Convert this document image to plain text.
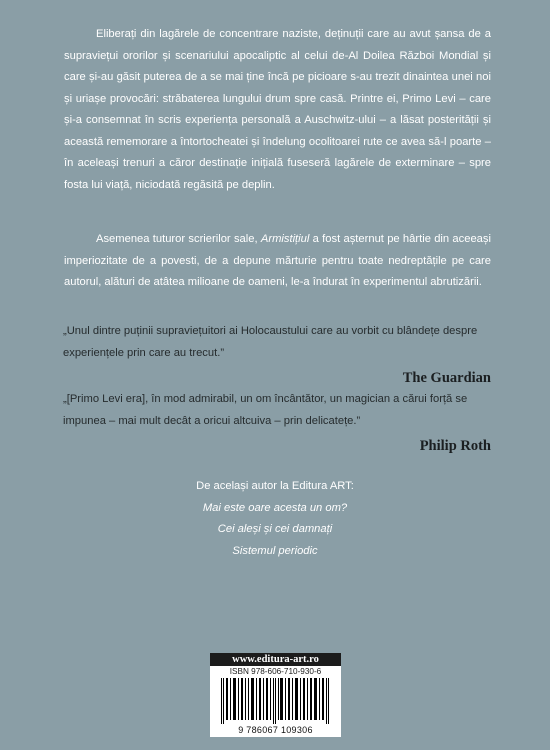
Eliberați din lagărele de concentrare naziste, deținuții care au avut șansa de a supraviețui ororilor și scenariului apocaliptic al celui de-Al Doilea Război Mondial și care și-au găsit puterea de a se mai ține încă pe picioare s-au trezit dinaintea unei noi și uriașe provocări: străbaterea lungului drum spre casă. Printre ei, Primo Levi – care și-a consemnat în scris experiența personală a Auschwitz-ului – a lăsat posterității și această rememorare a întortocheatei și îndelung ocolitoarei rute ce avea să-l poarte – în aceleași trenuri a căror destinație inițială fuseseră lagărele de exterminare – spre fosta lui viață, niciodată regăsită pe deplin.

Asemenea tuturor scrierilor sale, Armistițiul a fost așternut pe hârtie din aceeași imperiozitate de a povesti, de a depune mărturie pentru toate nedreptățile pe care autorul, alături de atâtea milioane de oameni, le-a îndurat în experimentul abrutizării.

„Unul dintre puținii supraviețuitori ai Holocaustului care au vorbit cu blândețe despre experiențele prin care au trecut.”
The Guardian
„[Primo Levi era], în mod admirabil, un om încântător, un magician a cărui forță se impunea – mai mult decât a oricui altcuiva – prin delicatețe.”
Philip Roth
De același autor la Editura ART:
Mai este oare acesta un om?
Cei aleși și cei damnați
Sistemul periodic
www.editura-art.ro
ISBN 978-606-710-930-6
9 786067 109306
